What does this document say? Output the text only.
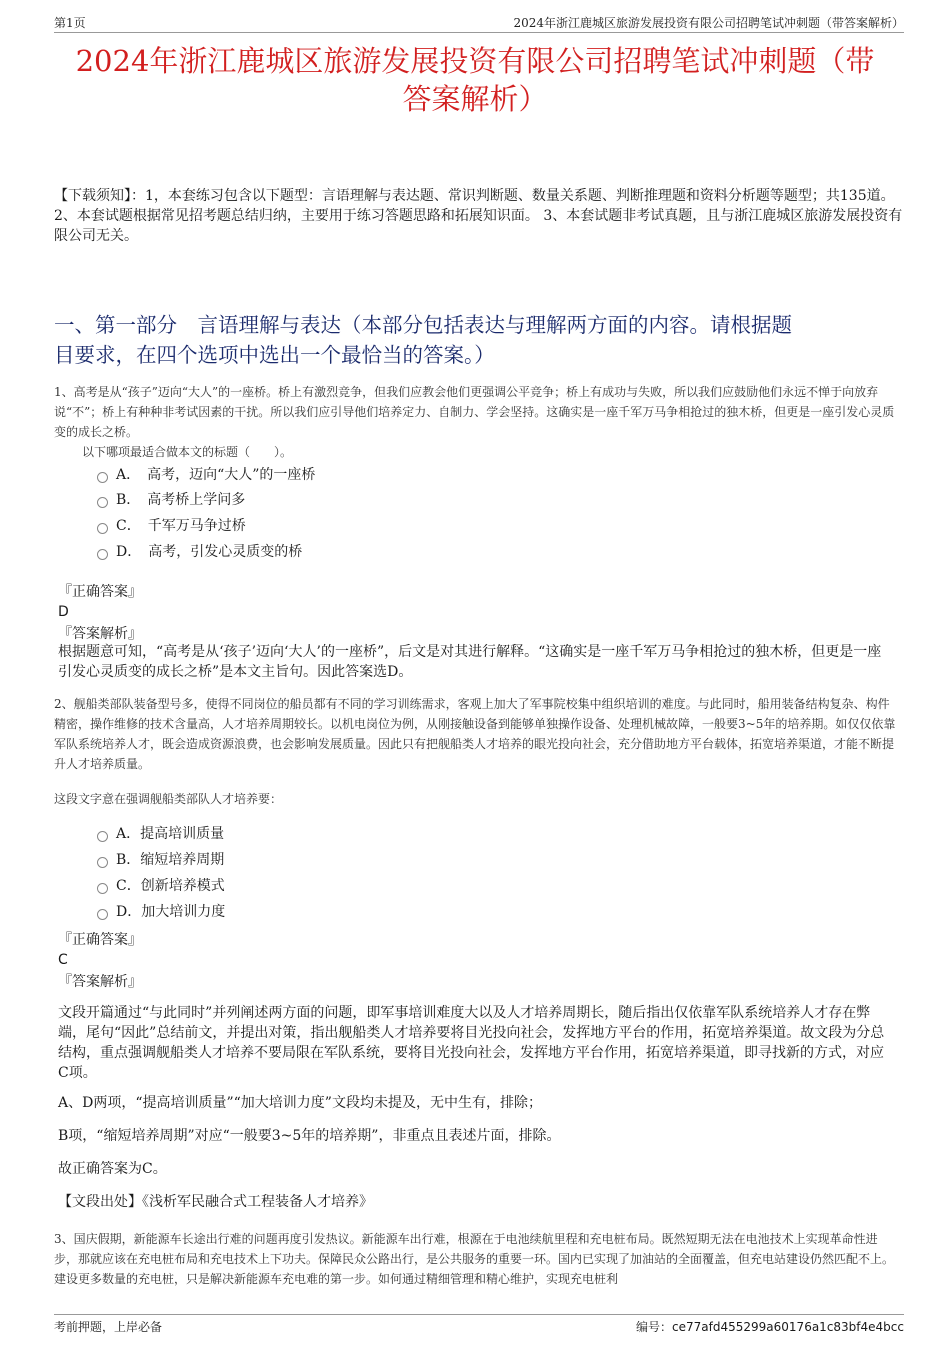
第1页	2024年浙江鹿城区旅游发展投资有限公司招聘笔试冲刺题（带答案解析）
2024年浙江鹿城区旅游发展投资有限公司招聘笔试冲刺题（带
答案解析）
【下载须知】：1，本套练习包含以下题型：言语理解与表达题、常识判断题、数量关系题、判断推理题和资料分析题等题型；共135道。 2、本套试题根据常见招考题总结归纳，主要用于练习答题思路和拓展知识面。 3、本套试题非考试真题，且与浙江鹿城区旅游发展投资有限公司无关。
一、第一部分　言语理解与表达（本部分包括表达与理解两方面的内容。请根据题
目要求，在四个选项中选出一个最恰当的答案。）
1、高考是从“孩子”迈向“大人”的一座桥。桥上有激烈竞争，但我们应教会他们更强调公平竞争；桥上有成功与失败，所以我们应鼓励他们永远不惮于向放弃说“不”；桥上有种种非考试因素的干扰。所以我们应引导他们培养定力、自制力、学会坚持。这确实是一座千军万马争相抢过的独木桥，但更是一座引发心灵质变的成长之桥。
以下哪项最适合做本文的标题（　　）。
A．　高考，迈向“大人”的一座桥
B．　高考桥上学问多
C．　千军万马争过桥
D．　高考，引发心灵质变的桥
『正确答案』
D
『答案解析』
根据题意可知，“高考是从‘孩子’迈向‘大人’的一座桥”，后文是对其进行解释。“这确实是一座千军万马争相抢过的独木桥，但更是一座引发心灵质变的成长之桥”是本文主旨句。因此答案选D。
2、舰船类部队装备型号多，使得不同岗位的船员都有不同的学习训练需求，客观上加大了军事院校集中组织培训的难度。与此同时，船用装备结构复杂、构件精密，操作维修的技术含量高，人才培养周期较长。以机电岗位为例，从刚接触设备到能够单独操作设备、处理机械故障，一般要3~5年的培养期。如仅仅依靠军队系统培养人才，既会造成资源浪费，也会影响发展质量。因此只有把舰船类人才培养的眼光投向社会，充分借助地方平台载体，拓宽培养渠道，才能不断提升人才培养质量。
这段文字意在强调舰船类部队人才培养要：
A．提高培训质量
B．缩短培养周期
C．创新培养模式
D．加大培训力度
『正确答案』
C
『答案解析』
文段开篇通过“与此同时”并列阐述两方面的问题，即军事培训难度大以及人才培养周期长，随后指出仅依靠军队系统培养人才存在弊端，尾句“因此”总结前文，并提出对策，指出舰船类人才培养要将目光投向社会，发挥地方平台的作用，拓宽培养渠道。故文段为分总结构，重点强调舰船类人才培养不要局限在军队系统，要将目光投向社会，发挥地方平台作用，拓宽培养渠道，即寻找新的方式，对应C项。
A、D两项，“提高培训质量”“加大培训力度”文段均未提及，无中生有，排除；
B项，“缩短培养周期”对应“一般要3~5年的培养期”，非重点且表述片面，排除。
故正确答案为C。
【文段出处】《浅析军民融合式工程装备人才培养》
3、国庆假期，新能源车长途出行难的问题再度引发热议。新能源车出行难，根源在于电池续航里程和充电桩布局。既然短期无法在电池技术上实现革命性进步，那就应该在充电桩布局和充电技术上下功夫。保障民众公路出行，是公共服务的重要一环。国内已实现了加油站的全面覆盖，但充电站建设仍然匹配不上。建设更多数量的充电桩，只是解决新能源车充电难的第一步。如何通过精细管理和精心维护，实现充电桩利
考前押题，上岸必备	编号：ce77afd455299a60176a1c83bf4e4bcc
